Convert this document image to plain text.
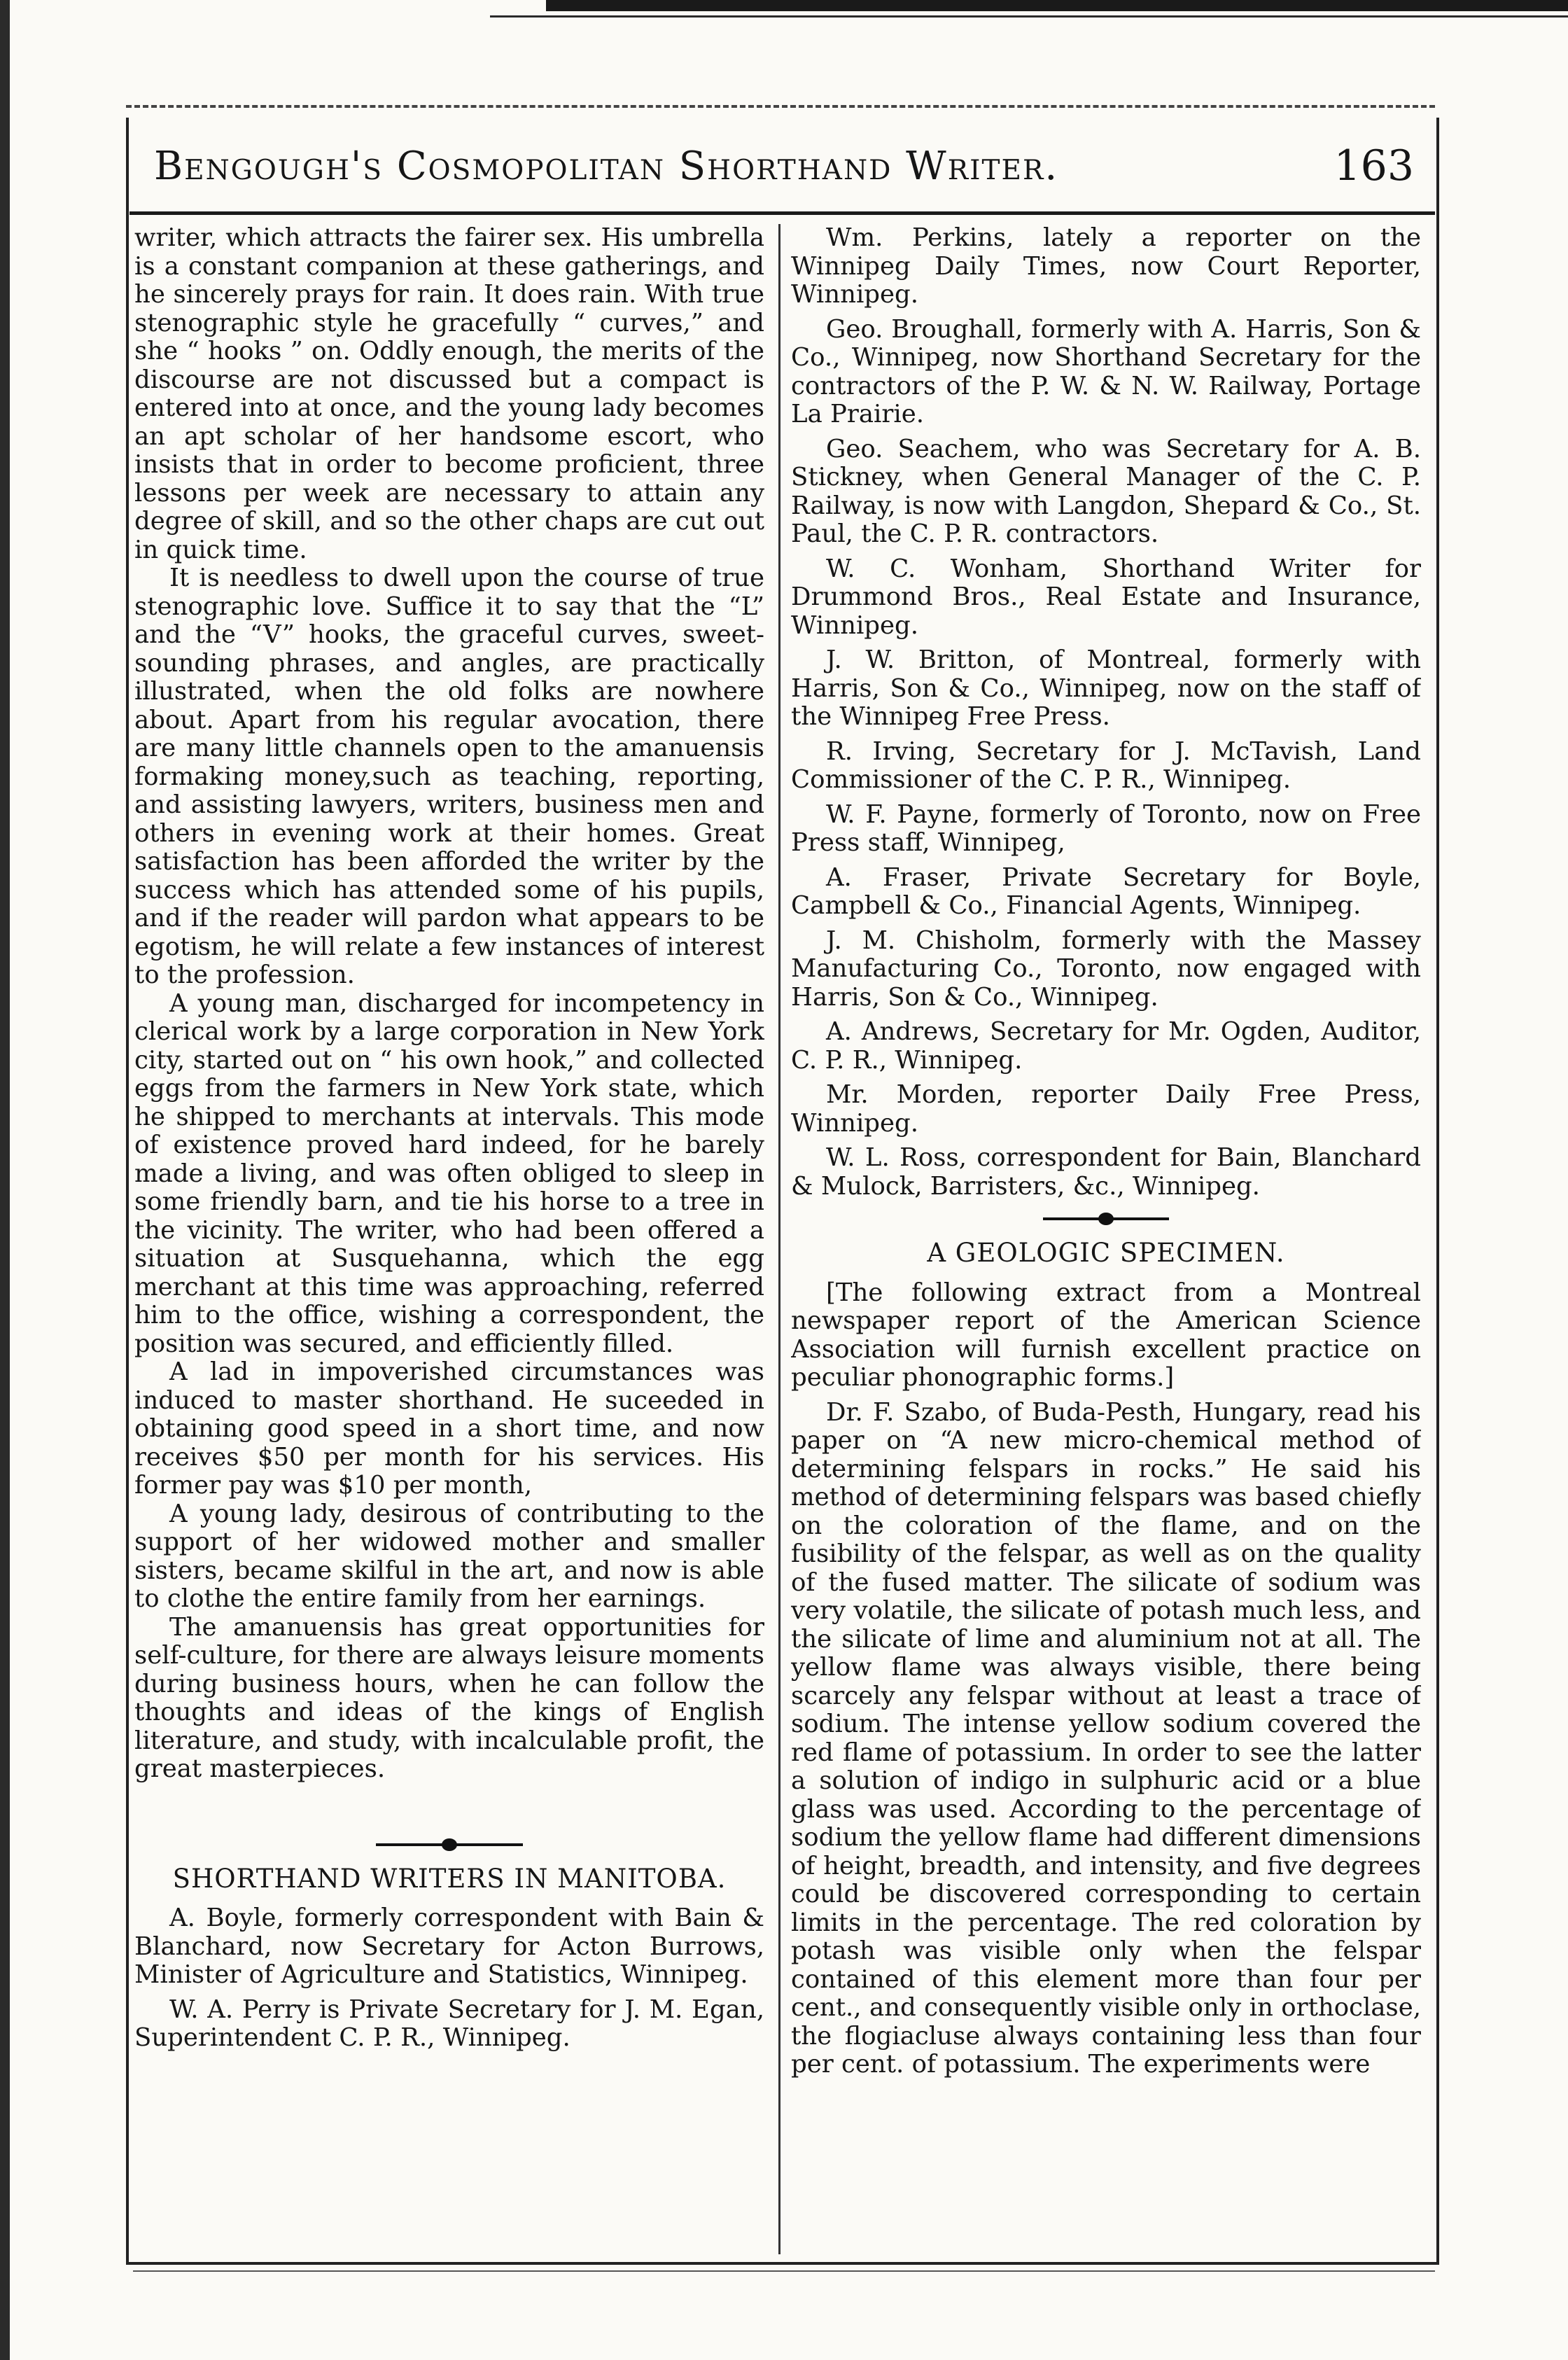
Bengough's Cosmopolitan Shorthand Writer.	163

writer, which attracts the fairer sex. His umbrella is a constant companion at these gatherings, and he sincerely prays for rain. It does rain. With true stenographic style he gracefully “ curves,” and she “ hooks ” on. Oddly enough, the merits of the discourse are not discussed but a compact is entered into at once, and the young lady becomes an apt scholar of her handsome escort, who insists that in order to become proficient, three lessons per week are necessary to attain any degree of skill, and so the other chaps are cut out in quick time.

It is needless to dwell upon the course of true stenographic love. Suffice it to say that the “L” and the “V” hooks, the graceful curves, sweet-sounding phrases, and angles, are practically illustrated, when the old folks are nowhere about. Apart from his regular avocation, there are many little channels open to the amanuensis formaking money,such as teaching, reporting, and assisting lawyers, writers, business men and others in evening work at their homes. Great satisfaction has been afforded the writer by the success which has attended some of his pupils, and if the reader will pardon what appears to be egotism, he will relate a few instances of interest to the profession.

A young man, discharged for incompetency in clerical work by a large corporation in New York city, started out on “ his own hook,” and collected eggs from the farmers in New York state, which he shipped to merchants at intervals. This mode of existence proved hard indeed, for he barely made a living, and was often obliged to sleep in some friendly barn, and tie his horse to a tree in the vicinity. The writer, who had been offered a situation at Susquehanna, which the egg merchant at this time was approaching, referred him to the office, wishing a correspondent, the position was secured, and efficiently filled.

A lad in impoverished circumstances was induced to master shorthand. He suceeded in obtaining good speed in a short time, and now receives $50 per month for his services. His former pay was $10 per month,

A young lady, desirous of contributing to the support of her widowed mother and smaller sisters, became skilful in the art, and now is able to clothe the entire family from her earnings.

The amanuensis has great opportunities for self-culture, for there are always leisure moments during business hours, when he can follow the thoughts and ideas of the kings of English literature, and study, with incalculable profit, the great masterpieces.

SHORTHAND WRITERS IN MANITOBA.

A. Boyle, formerly correspondent with Bain & Blanchard, now Secretary for Acton Burrows, Minister of Agriculture and Statistics, Winnipeg.

W. A. Perry is Private Secretary for J. M. Egan, Superintendent C. P. R., Winnipeg.

Wm. Perkins, lately a reporter on the Winnipeg Daily Times, now Court Reporter, Winnipeg.

Geo. Broughall, formerly with A. Harris, Son & Co., Winnipeg, now Shorthand Secretary for the contractors of the P. W. & N. W. Railway, Portage La Prairie.

Geo. Seachem, who was Secretary for A. B. Stickney, when General Manager of the C. P. Railway, is now with Langdon, Shepard & Co., St. Paul, the C. P. R. contractors.

W. C. Wonham, Shorthand Writer for Drummond Bros., Real Estate and Insurance, Winnipeg.

J. W. Britton, of Montreal, formerly with Harris, Son & Co., Winnipeg, now on the staff of the Winnipeg Free Press.

R. Irving, Secretary for J. McTavish, Land Commissioner of the C. P. R., Winnipeg.

W. F. Payne, formerly of Toronto, now on Free Press staff, Winnipeg,

A. Fraser, Private Secretary for Boyle, Campbell & Co., Financial Agents, Winnipeg.

J. M. Chisholm, formerly with the Massey Manufacturing Co., Toronto, now engaged with Harris, Son & Co., Winnipeg.

A. Andrews, Secretary for Mr. Ogden, Auditor, C. P. R., Winnipeg.

Mr. Morden, reporter Daily Free Press, Winnipeg.

W. L. Ross, correspondent for Bain, Blanchard & Mulock, Barristers, &c., Winnipeg.

A GEOLOGIC SPECIMEN.

[The following extract from a Montreal newspaper report of the American Science Association will furnish excellent practice on peculiar phonographic forms.]

Dr. F. Szabo, of Buda-Pesth, Hungary, read his paper on “A new micro-chemical method of determining felspars in rocks.” He said his method of determining felspars was based chiefly on the coloration of the flame, and on the fusibility of the felspar, as well as on the quality of the fused matter. The silicate of sodium was very volatile, the silicate of potash much less, and the silicate of lime and aluminium not at all. The yellow flame was always visible, there being scarcely any felspar without at least a trace of sodium. The intense yellow sodium covered the red flame of potassium. In order to see the latter a solution of indigo in sulphuric acid or a blue glass was used. According to the percentage of sodium the yellow flame had different dimensions of height, breadth, and intensity, and five degrees could be discovered corresponding to certain limits in the percentage. The red coloration by potash was visible only when the felspar contained of this element more than four per cent., and consequently visible only in orthoclase, the flogiacluse always containing less than four per cent. of potassium. The experiments were
